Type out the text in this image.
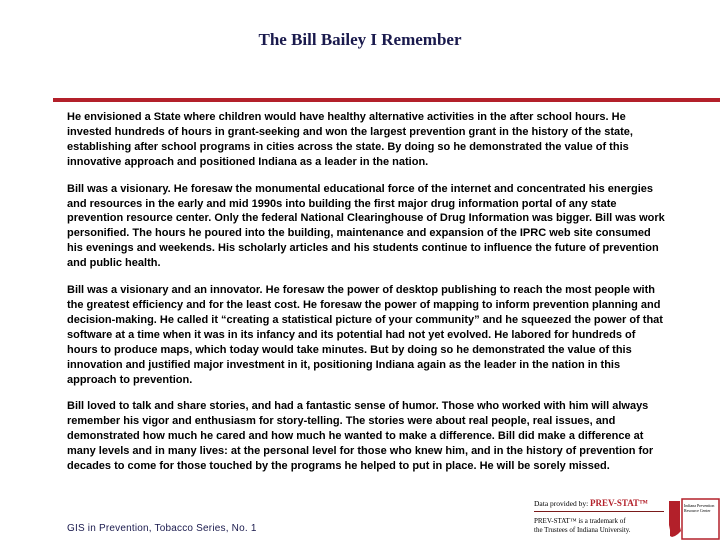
The Bill Bailey I Remember

He envisioned a State where children would have healthy alternative activities in the after school hours. He invested hundreds of hours in grant-seeking and won the largest prevention grant in the history of the state, establishing after school programs in cities across the state. By doing so he demonstrated the value of this innovative approach and positioned Indiana as a leader in the nation.

Bill was a visionary. He foresaw the monumental educational force of the internet and concentrated his energies and resources in the early and mid 1990s into building the first major drug information portal of any state prevention resource center. Only the federal National Clearinghouse of Drug Information was bigger. Bill was work personified. The hours he poured into the building, maintenance and expansion of the IPRC web site consumed his evenings and weekends. His scholarly articles and his students continue to influence the future of prevention and public health.

Bill was a visionary and an innovator. He foresaw the power of desktop publishing to reach the most people with the greatest efficiency and for the least cost. He foresaw the power of mapping to inform prevention planning and decision-making. He called it “creating a statistical picture of your community” and he squeezed the power of that software at a time when it was in its infancy and its potential had not yet evolved. He labored for hundreds of hours to produce maps, which today would take minutes. But by doing so he demonstrated the value of this innovation and justified major investment in it, positioning Indiana again as the leader in the nation in this approach to prevention.

Bill loved to talk and share stories, and had a fantastic sense of humor. Those who worked with him will always remember his vigor and enthusiasm for story-telling. The stories were about real people, real issues, and demonstrated how much he cared and how much he wanted to make a difference. Bill did make a difference at many levels and in many lives: at the personal level for those who knew him, and in the history of prevention for decades to come for those touched by the programs he helped to put in place. He will be sorely missed.

GIS in Prevention, Tobacco Series, No. 1
Data provided by: PREV-STAT™
PREV-STAT™ is a trademark of
the Trustees of Indiana University.
Indiana Prevention Resource Center
